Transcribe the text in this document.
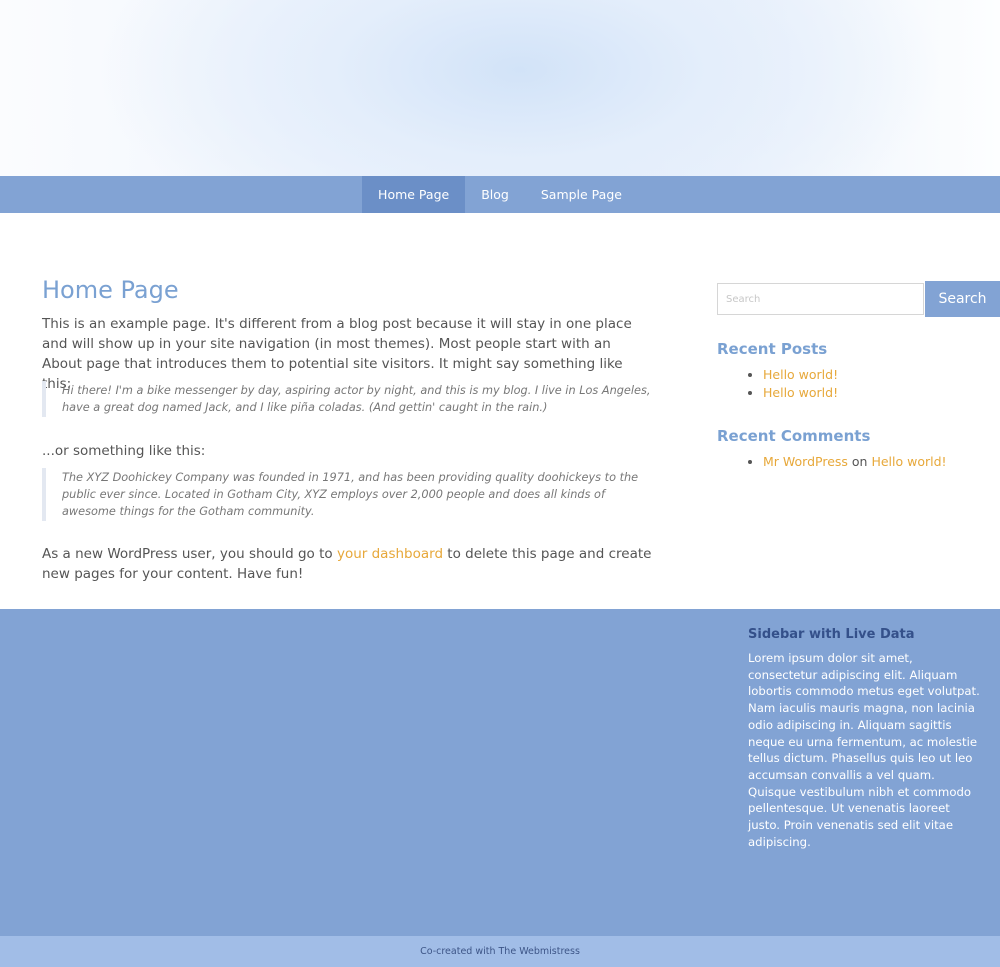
Home Page	Blog	Sample Page
Home Page

This is an example page. It's different from a blog post because it will stay in one place and will show up in your site navigation (in most themes). Most people start with an About page that introduces them to potential site visitors. It might say something like this:

Hi there! I'm a bike messenger by day, aspiring actor by night, and this is my blog. I live in Los Angeles, have a great dog named Jack, and I like piña coladas. (And gettin' caught in the rain.)

...or something like this:

The XYZ Doohickey Company was founded in 1971, and has been providing quality doohickeys to the public ever since. Located in Gotham City, XYZ employs over 2,000 people and does all kinds of awesome things for the Gotham community.

As a new WordPress user, you should go to your dashboard to delete this page and create new pages for your content. Have fun!

Search
Search
Recent Posts
• Hello world!
• Hello world!
Recent Comments
• Mr WordPress on Hello world!
Sidebar with Live Data

Lorem ipsum dolor sit amet, consectetur adipiscing elit. Aliquam lobortis commodo metus eget volutpat. Nam iaculis mauris magna, non lacinia odio adipiscing in. Aliquam sagittis neque eu urna fermentum, ac molestie tellus dictum. Phasellus quis leo ut leo accumsan convallis a vel quam. Quisque vestibulum nibh et commodo pellentesque. Ut venenatis laoreet justo. Proin venenatis sed elit vitae adipiscing.

Co-created with The Webmistress
